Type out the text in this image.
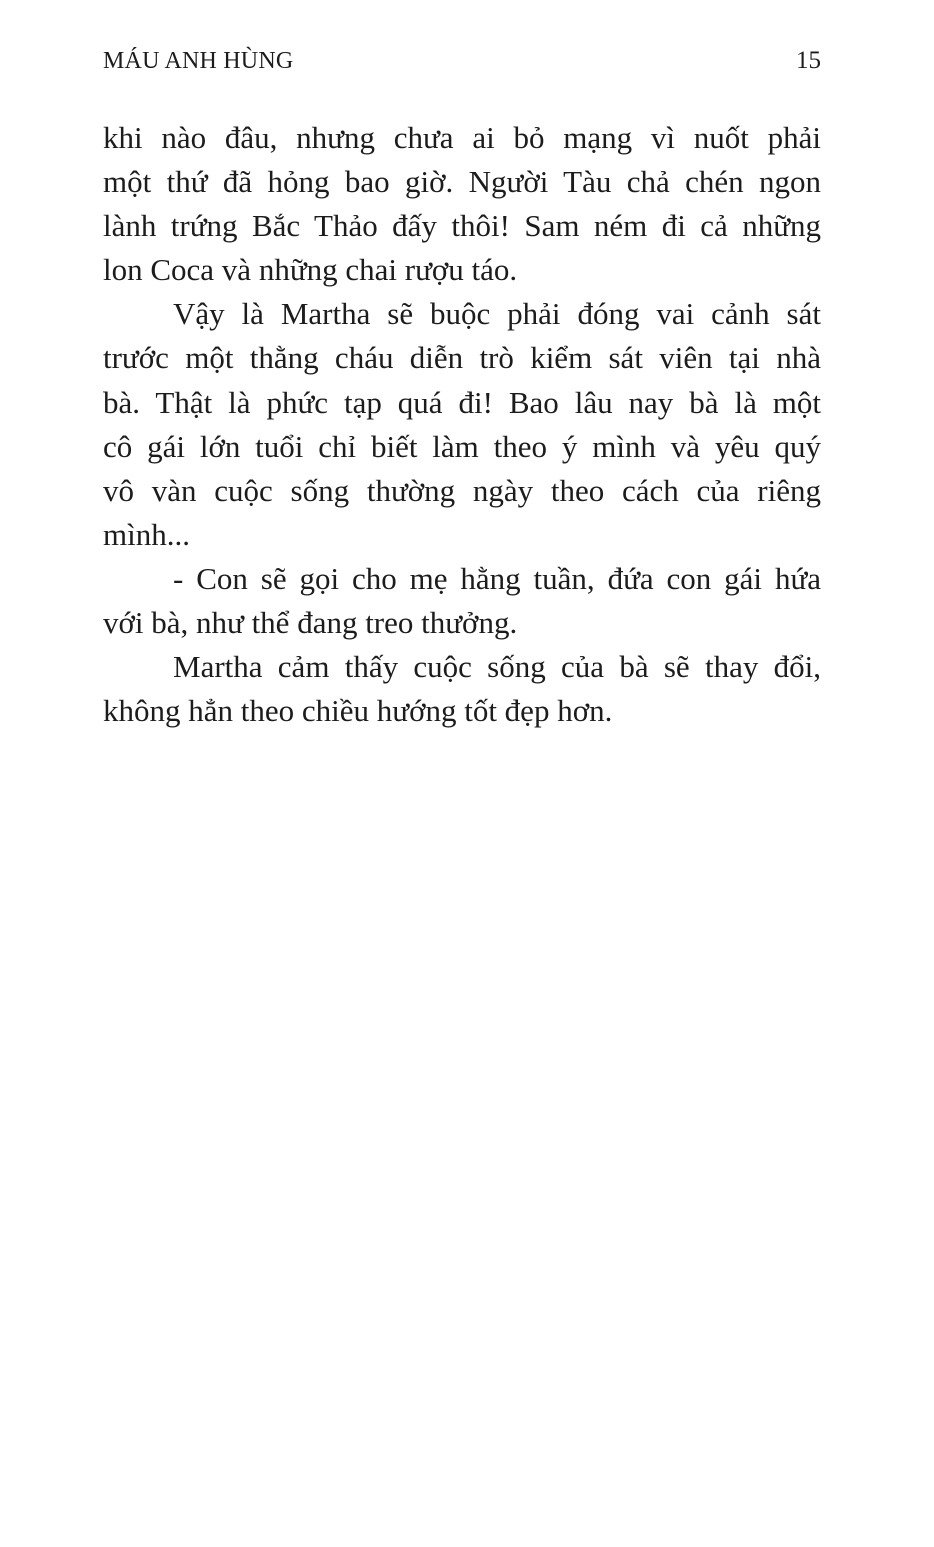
MÁU ANH HÙNG	15
khi nào đâu, nhưng chưa ai bỏ mạng vì nuốt phải
một thứ đã hỏng bao giờ. Người Tàu chả chén ngon
lành trứng Bắc Thảo đấy thôi! Sam ném đi cả những
lon Coca và những chai rượu táo.
Vậy là Martha sẽ buộc phải đóng vai cảnh sát
trước một thằng cháu diễn trò kiểm sát viên tại nhà
bà. Thật là phức tạp quá đi! Bao lâu nay bà là một
cô gái lớn tuổi chỉ biết làm theo ý mình và yêu quý
vô vàn cuộc sống thường ngày theo cách của riêng
mình...
- Con sẽ gọi cho mẹ hằng tuần, đứa con gái hứa
với bà, như thể đang treo thưởng.
Martha cảm thấy cuộc sống của bà sẽ thay đổi,
không hẳn theo chiều hướng tốt đẹp hơn.
